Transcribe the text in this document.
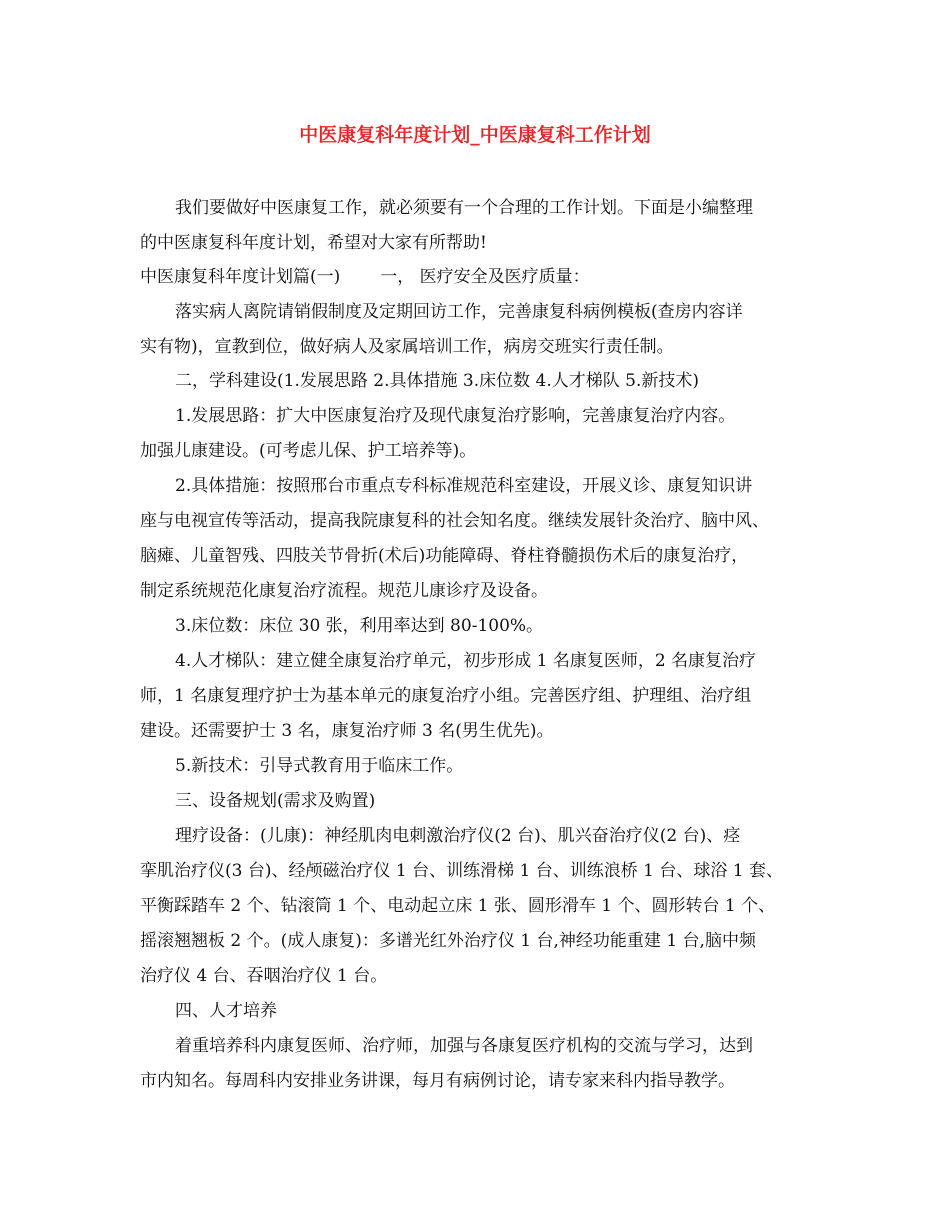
中医康复科年度计划_中医康复科工作计划
我们要做好中医康复工作，就必须要有一个合理的工作计划。下面是小编整理
的中医康复科年度计划，希望对大家有所帮助!
中医康复科年度计划篇(一) 一， 医疗安全及医疗质量：
落实病人离院请销假制度及定期回访工作，完善康复科病例模板(查房内容详
实有物)，宣教到位，做好病人及家属培训工作，病房交班实行责任制。
二，学科建设(1.发展思路 2.具体措施 3.床位数 4.人才梯队 5.新技术)
1.发展思路：扩大中医康复治疗及现代康复治疗影响，完善康复治疗内容。
加强儿康建设。(可考虑儿保、护工培养等)。
2.具体措施：按照邢台市重点专科标准规范科室建设，开展义诊、康复知识讲
座与电视宣传等活动，提高我院康复科的社会知名度。继续发展针灸治疗、脑中风、
脑瘫、儿童智残、四肢关节骨折(术后)功能障碍、脊柱脊髓损伤术后的康复治疗，
制定系统规范化康复治疗流程。规范儿康诊疗及设备。
3.床位数：床位 30 张，利用率达到 80-100%。
4.人才梯队：建立健全康复治疗单元，初步形成 1 名康复医师，2 名康复治疗
师，1 名康复理疗护士为基本单元的康复治疗小组。完善医疗组、护理组、治疗组
建设。还需要护士 3 名，康复治疗师 3 名(男生优先)。
5.新技术：引导式教育用于临床工作。
三、设备规划(需求及购置)
理疗设备：(儿康)：神经肌肉电刺激治疗仪(2 台)、肌兴奋治疗仪(2 台)、痉
挛肌治疗仪(3 台)、经颅磁治疗仪 1 台、训练滑梯 1 台、训练浪桥 1 台、球浴 1 套、
平衡踩踏车 2 个、钻滚筒 1 个、电动起立床 1 张、圆形滑车 1 个、圆形转台 1 个、
摇滚翘翘板 2 个。(成人康复)：多谱光红外治疗仪 1 台,神经功能重建 1 台,脑中频
治疗仪 4 台、吞咽治疗仪 1 台。
四、人才培养
着重培养科内康复医师、治疗师，加强与各康复医疗机构的交流与学习，达到
市内知名。每周科内安排业务讲课，每月有病例讨论，请专家来科内指导教学。
